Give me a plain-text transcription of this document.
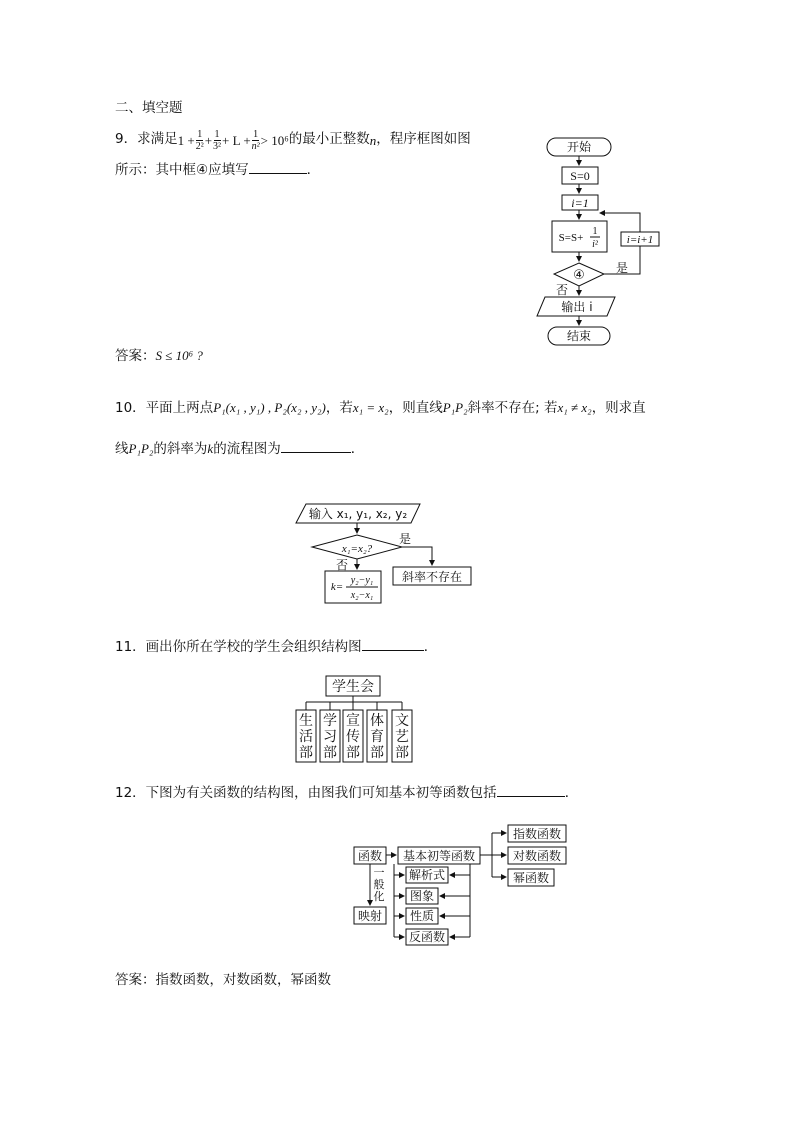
二、填空题
9．求满足 $1 + \frac{1}{\text{2²}} + \frac{1}{\text{3²}} + L + \frac{1}{\text{n²}} > 10^6$ 的最小正整数 n ，程序框图如图
所示：其中框④应填写	．
答案：S ≤ 10⁶ ?
开始
S=0
i=1
S=S+
1
i²
④
i=i+1
是
否
输出 i
结束
10．平面上两点P₁(x₁ , y₁) , P₂(x₂ , y₂)，若x₁ = x₂，则直线P₁P₂斜率不存在; 若x₁ ≠ x₂，则求直
线P₁P₂的斜率为k的流程图为	．
输入 x₁, y₁, x₂, y₂
x₁=x₂?
是
否
k=
y₂−y₁
x₂−x₁
斜率不存在
11．画出你所在学校的学生会组织结构图	．
学生会
生活部
学习部
宣传部
体育部
文艺部
12．下图为有关函数的结构图，由图我们可知基本初等函数包括	．
函数 基本初等函数
指数函数
对数函数
幂函数
映射
解析式
图象
性质
反函数
一般化
答案：指数函数，对数函数，幂函数
